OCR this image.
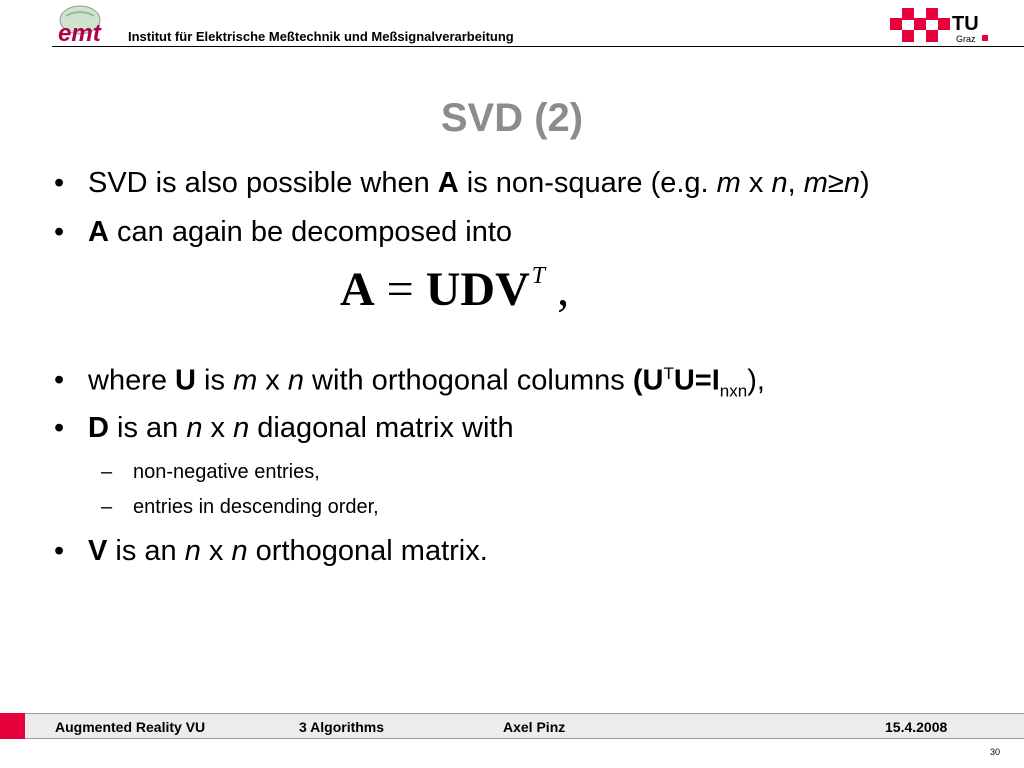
emt Institut für Elektrische Meßtechnik und Meßsignalverarbeitung
TU
Graz
SVD (2)
• SVD is also possible when A is non-square (e.g. m x n, m≥n)
• A can again be decomposed into
$A = UDV^T$ ,
• where U is m x n with orthogonal columns $(U^TU=I_{nxn})$,
• D is an n x n diagonal matrix with
– non-negative entries,
– entries in descending order,
• V is an n x n orthogonal matrix.
Augmented Reality VU	3 Algorithms	Axel Pinz	15.4.2008
30
